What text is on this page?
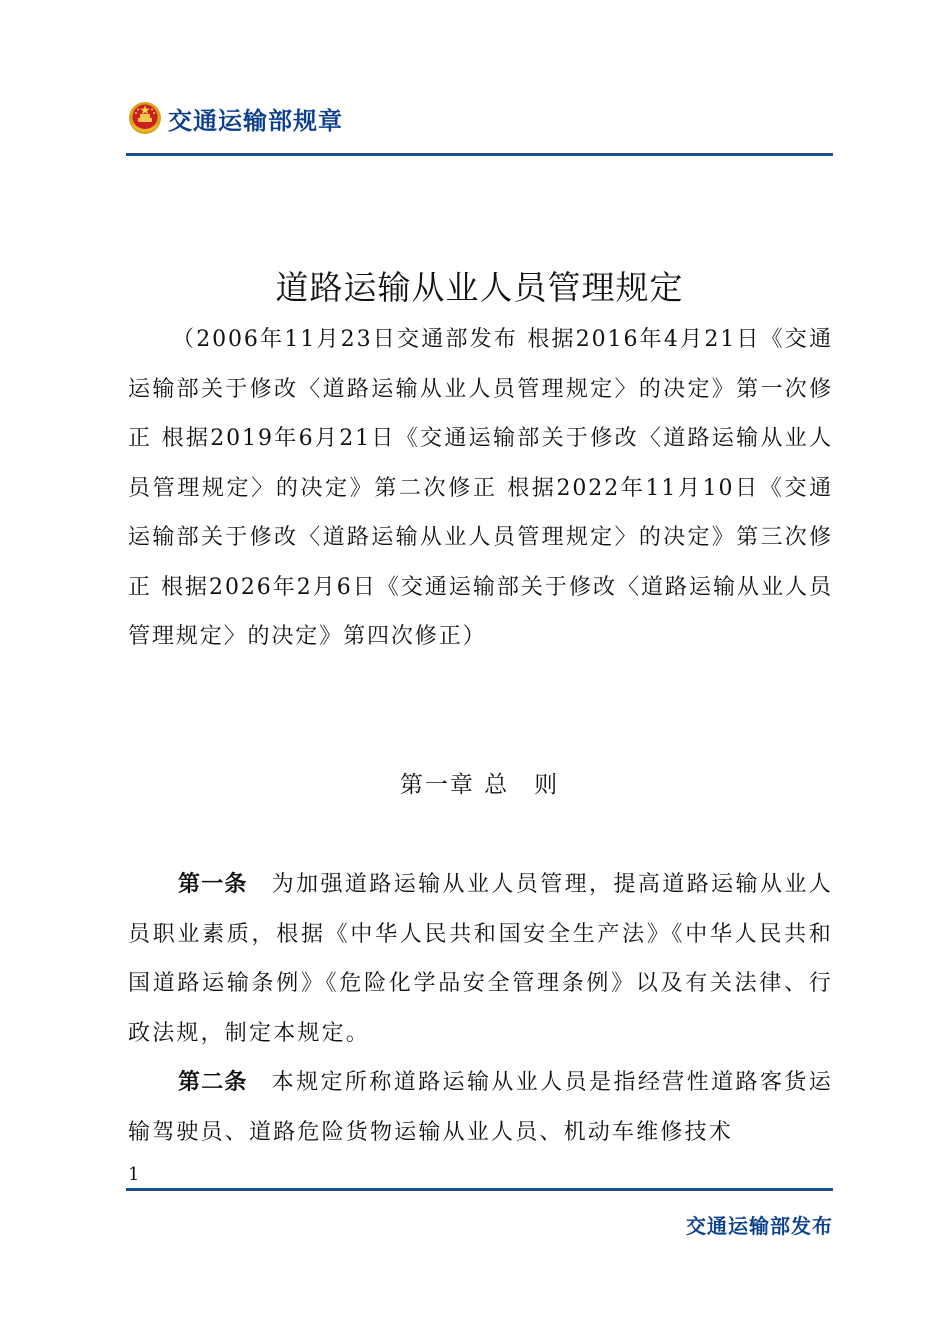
交通运输部规章
道路运输从业人员管理规定

（2006年11月23日交通部发布 根据2016年4月21日《交通运输部关于修改〈道路运输从业人员管理规定〉的决定》第一次修正 根据2019年6月21日《交通运输部关于修改〈道路运输从业人员管理规定〉的决定》第二次修正 根据2022年11月10日《交通运输部关于修改〈道路运输从业人员管理规定〉的决定》第三次修正 根据2026年2月6日《交通运输部关于修改〈道路运输从业人员管理规定〉的决定》第四次修正）

第一章 总　则

第一条 为加强道路运输从业人员管理，提高道路运输从业人员职业素质，根据《中华人民共和国安全生产法》《中华人民共和国道路运输条例》《危险化学品安全管理条例》以及有关法律、行政法规，制定本规定。

第二条 本规定所称道路运输从业人员是指经营性道路客货运输驾驶员、道路危险货物运输从业人员、机动车维修技术

1
交通运输部发布
